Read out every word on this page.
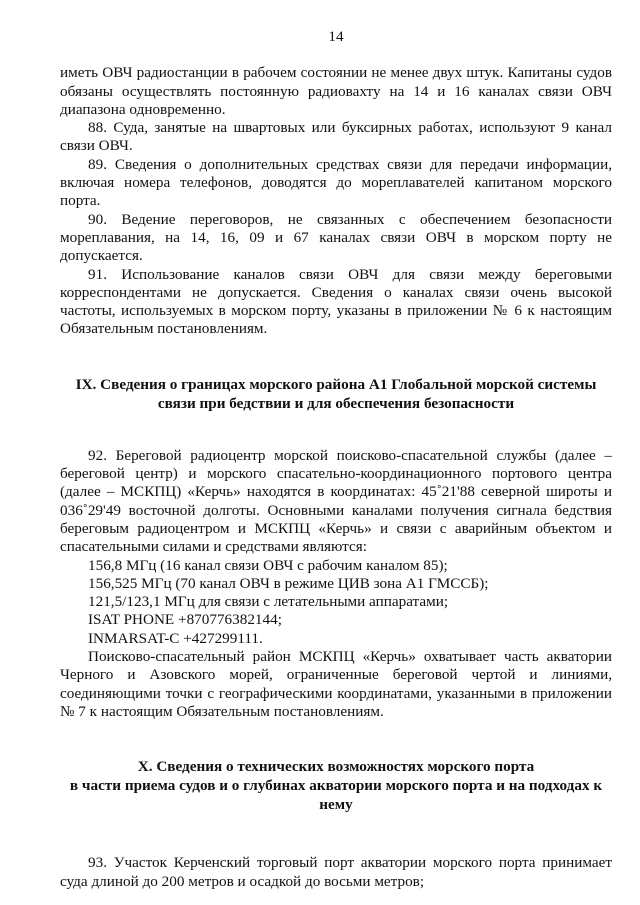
14

иметь ОВЧ радиостанции в рабочем состоянии не менее двух штук. Капитаны судов обязаны осуществлять постоянную радиовахту на 14 и 16 каналах связи ОВЧ диапазона одновременно.

88. Суда, занятые на швартовых или буксирных работах, используют 9 канал связи ОВЧ.

89. Сведения о дополнительных средствах связи для передачи информации, включая номера телефонов, доводятся до мореплавателей капитаном морского порта.

90. Ведение переговоров, не связанных с обеспечением безопасности мореплавания, на 14, 16, 09 и 67 каналах связи ОВЧ в морском порту не допускается.

91. Использование каналов связи ОВЧ для связи между береговыми корреспондентами не допускается. Сведения о каналах связи очень высокой частоты, используемых в морском порту, указаны в приложении № 6 к настоящим Обязательным постановлениям.

IX. Сведения о границах морского района А1 Глобальной морской системы
связи при бедствии и для обеспечения безопасности

92. Береговой радиоцентр морской поисково-спасательной службы (далее – береговой центр) и морского спасательно-координационного портового центра (далее – МСКПЦ) «Керчь» находятся в координатах: 45˚21'88 северной широты и 036˚29'49 восточной долготы. Основными каналами получения сигнала бедствия береговым радиоцентром и МСКПЦ «Керчь» и связи с аварийным объектом и спасательными силами и средствами являются:

156,8 МГц (16 канал связи ОВЧ с рабочим каналом 85);

156,525 МГц (70 канал ОВЧ в режиме ЦИВ зона А1 ГМССБ);

121,5/123,1 МГц для связи с летательными аппаратами;

ISAT PHONE +870776382144;

INMARSAT-C +427299111.

Поисково-спасательный район МСКПЦ «Керчь» охватывает часть акватории Черного и Азовского морей, ограниченные береговой чертой и линиями, соединяющими точки с географическими координатами, указанными в приложении № 7 к настоящим Обязательным постановлениям.

X. Сведения о технических возможностях морского порта
в части приема судов и о глубинах акватории морского порта и на подходах к
нему

93. Участок Керченский торговый порт акватории морского порта принимает суда длиной до 200 метров и осадкой до восьми метров;
